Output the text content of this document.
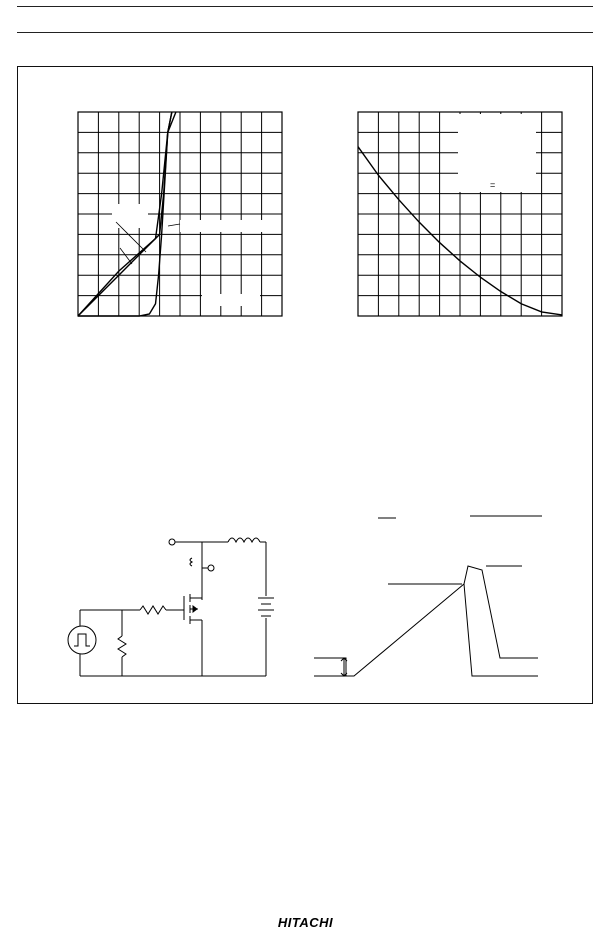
=
HITACHI
